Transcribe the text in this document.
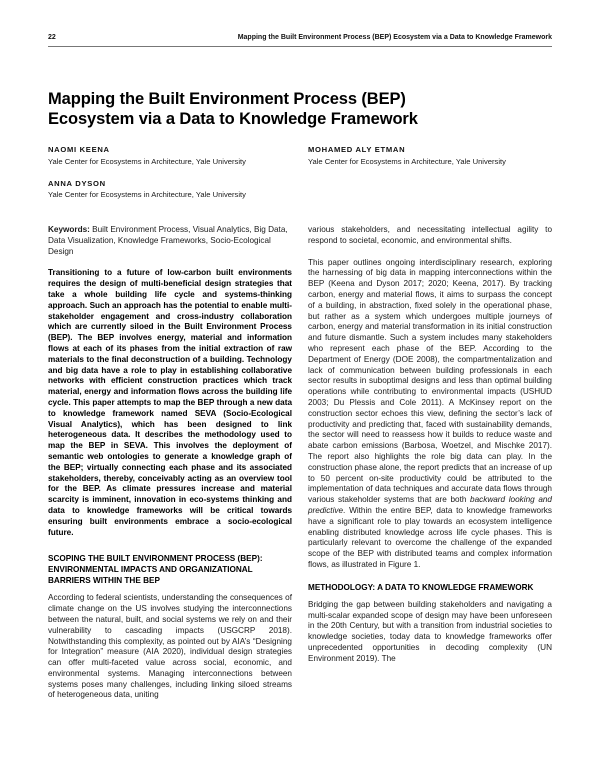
22	Mapping the Built Environment Process (BEP) Ecosystem via a Data to Knowledge Framework
Mapping the Built Environment Process (BEP)
Ecosystem via a Data to Knowledge Framework
NAOMI KEENA
Yale Center for Ecosystems in Architecture, Yale University
MOHAMED ALY ETMAN
Yale Center for Ecosystems in Architecture, Yale University
ANNA DYSON
Yale Center for Ecosystems in Architecture, Yale University

Keywords: Built Environment Process, Visual Analytics, Big Data, Data Visualization, Knowledge Frameworks, Socio-Ecological Design

Transitioning to a future of low-carbon built environments requires the design of multi-beneficial design strategies that take a whole building life cycle and systems-thinking approach. Such an approach has the potential to enable multi-stakeholder engagement and cross-industry collaboration which are currently siloed in the Built Environment Process (BEP). The BEP involves energy, material and information flows at each of its phases from the initial extraction of raw materials to the final deconstruction of a building. Technology and big data have a role to play in establishing collaborative networks with efficient construction practices which track material, energy and information flows across the building life cycle. This paper attempts to map the BEP through a new data to knowledge framework named SEVA (Socio-Ecological Visual Analytics), which has been designed to link heterogeneous data. It describes the methodology used to map the BEP in SEVA. This involves the deployment of semantic web ontologies to generate a knowledge graph of the BEP; virtually connecting each phase and its associated stakeholders, thereby, conceivably acting as an overview tool for the BEP. As climate pressures increase and material scarcity is imminent, innovation in eco-systems thinking and data to knowledge frameworks will be critical towards ensuring built environments embrace a socio-ecological future.

SCOPING THE BUILT ENVIRONMENT PROCESS (BEP): ENVIRONMENTAL IMPACTS AND ORGANIZATIONAL BARRIERS WITHIN THE BEP

According to federal scientists, understanding the consequences of climate change on the US involves studying the interconnections between the natural, built, and social systems we rely on and their vulnerability to cascading impacts (USGCRP 2018). Notwithstanding this complexity, as pointed out by AIA’s “Designing for Integration” measure (AIA 2020), individual design strategies can offer multi-faceted value across social, economic, and environmental systems. Managing interconnections between systems poses many challenges, including linking siloed streams of heterogeneous data, uniting

various stakeholders, and necessitating intellectual agility to respond to societal, economic, and environmental shifts.

This paper outlines ongoing interdisciplinary research, exploring the harnessing of big data in mapping interconnections within the BEP (Keena and Dyson 2017; 2020; Keena, 2017). By tracking carbon, energy and material flows, it aims to surpass the concept of a building, in abstraction, fixed solely in the operational phase, but rather as a system which undergoes multiple journeys of carbon, energy and material transformation in its initial construction and future dismantle. Such a system includes many stakeholders who represent each phase of the BEP. According to the Department of Energy (DOE 2008), the compartmentalization and lack of communication between building professionals in each sector results in suboptimal designs and less than optimal building operations while contributing to environmental impacts (USHUD 2003; Du Plessis and Cole 2011). A McKinsey report on the construction sector echoes this view, defining the sector’s lack of productivity and predicting that, faced with sustainability demands, the sector will need to reassess how it builds to reduce waste and abate carbon emissions (Barbosa, Woetzel, and Mischke 2017). The report also highlights the role big data can play. In the construction phase alone, the report predicts that an increase of up to 50 percent on-site productivity could be attributed to the implementation of data techniques and accurate data flows through various stakeholder systems that are both backward looking and predictive. Within the entire BEP, data to knowledge frameworks have a significant role to play towards an ecosystem intelligence enabling distributed knowledge across life cycle phases. This is particularly relevant to overcome the challenge of the expanded scope of the BEP with distributed teams and complex information flows, as illustrated in Figure 1.

METHODOLOGY: A DATA TO KNOWLEDGE FRAMEWORK

Bridging the gap between building stakeholders and navigating a multi-scalar expanded scope of design may have been unforeseen in the 20th Century, but with a transition from industrial societies to knowledge societies, today data to knowledge frameworks offer unprecedented opportunities in decoding complexity (UN Environment 2019). The
